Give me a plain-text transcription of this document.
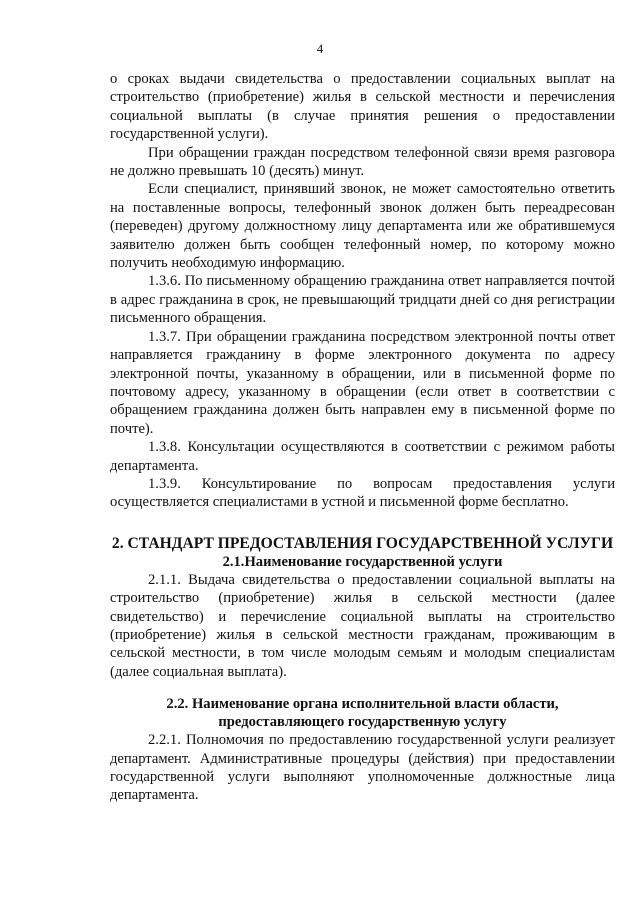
4

о сроках выдачи свидетельства о предоставлении социальных выплат на строительство (приобретение) жилья в сельской местности и перечисления социальной выплаты (в случае принятия решения о предоставлении государственной услуги).

При обращении граждан посредством телефонной связи время разговора не должно превышать 10 (десять) минут.

Если специалист, принявший звонок, не может самостоятельно ответить на поставленные вопросы, телефонный звонок должен быть переадресован (переведен) другому должностному лицу департамента или же обратившемуся заявителю должен быть сообщен телефонный номер, по которому можно получить необходимую информацию.

1.3.6. По письменному обращению гражданина ответ направляется почтой в адрес гражданина в срок, не превышающий тридцати дней со дня регистрации письменного обращения.

1.3.7. При обращении гражданина посредством электронной почты ответ направляется гражданину в форме электронного документа по адресу электронной почты, указанному в обращении, или в письменной форме по почтовому адресу, указанному в обращении (если ответ в соответствии с обращением гражданина должен быть направлен ему в письменной форме по почте).

1.3.8. Консультации осуществляются в соответствии с режимом работы департамента.

1.3.9. Консультирование по вопросам предоставления услуги осуществляется специалистами в устной и письменной форме бесплатно.

2. СТАНДАРТ ПРЕДОСТАВЛЕНИЯ ГОСУДАРСТВЕННОЙ УСЛУГИ
2.1.Наименование государственной услуги

2.1.1. Выдача свидетельства о предоставлении социальной выплаты на строительство (приобретение) жилья в сельской местности (далее свидетельство) и перечисление социальной выплаты на строительство (приобретение) жилья в сельской местности гражданам, проживающим в сельской местности, в том числе молодым семьям и молодым специалистам (далее социальная выплата).

2.2. Наименование органа исполнительной власти области,
предоставляющего государственную услугу

2.2.1. Полномочия по предоставлению государственной услуги реализует департамент. Административные процедуры (действия) при предоставлении государственной услуги выполняют уполномоченные должностные лица департамента.
